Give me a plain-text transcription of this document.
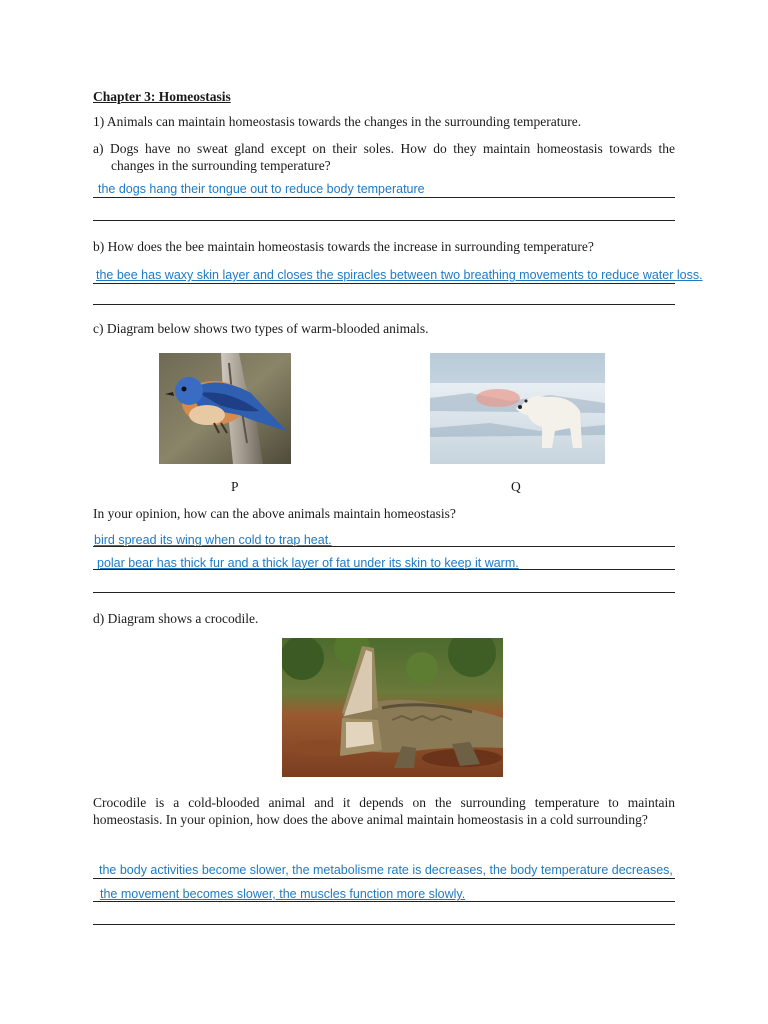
Chapter 3: Homeostasis
1) Animals can maintain homeostasis towards the changes in the surrounding temperature.
a) Dogs have no sweat gland except on their soles. How do they maintain homeostasis towards the
changes in the surrounding temperature?
the dogs hang their tongue out to reduce body temperature
b) How does the bee maintain homeostasis towards the increase in surrounding temperature?
the bee has waxy skin layer and closes the spiracles between two breathing movements to reduce water loss.
c) Diagram below shows two types of warm-blooded animals.
P	Q
In your opinion, how can the above animals maintain homeostasis?
bird spread its wing when cold to trap heat.
polar bear has thick fur and a thick layer of fat under its skin to keep it warm.
d) Diagram shows a crocodile.
Crocodile is a cold-blooded animal and it depends on the surrounding temperature to maintain
homeostasis. In your opinion, how does the above animal maintain homeostasis in a cold surrounding?
the body activities become slower, the metabolisme rate is decreases, the body temperature decreases,
the movement becomes slower, the muscles function more slowly.
